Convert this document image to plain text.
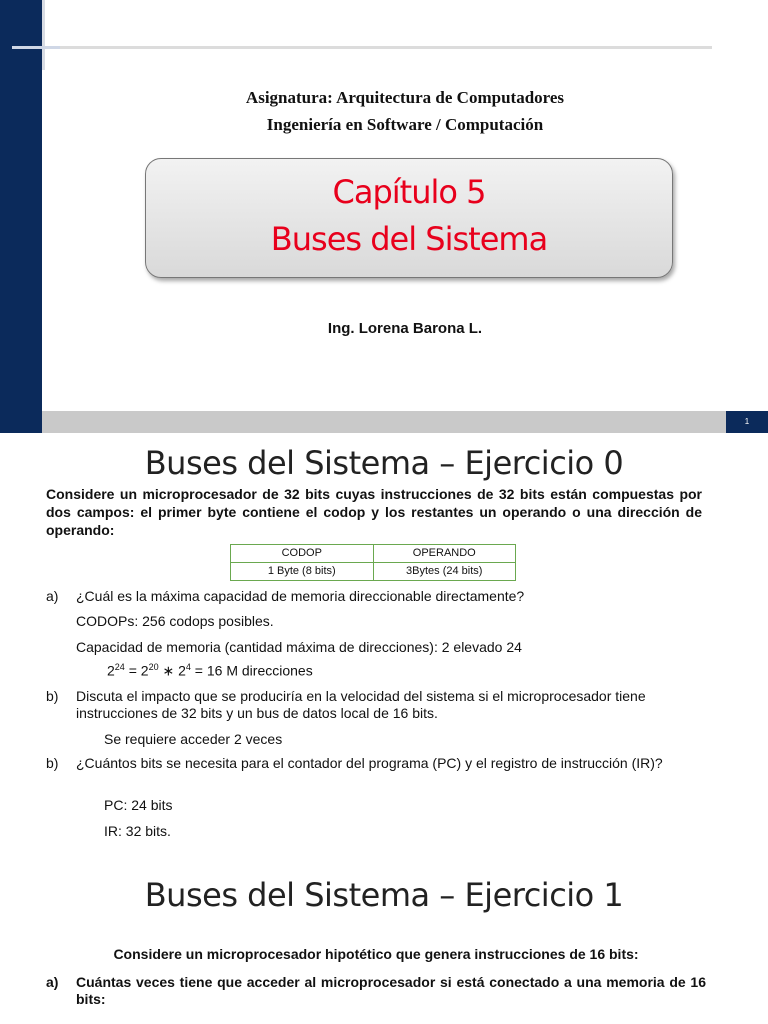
Asignatura: Arquitectura de Computadores
Ingeniería en Software / Computación
Capítulo 5
Buses del Sistema
Ing. Lorena Barona L.
1
Buses del Sistema – Ejercicio 0
Considere un microprocesador de 32 bits cuyas instrucciones de 32 bits están compuestas por dos campos: el primer byte contiene el codop y los restantes un operando o una dirección de operando:
CODOP	OPERANDO
1 Byte (8 bits)	3Bytes (24 bits)
a)	¿Cuál es la máxima capacidad de memoria direccionable directamente?
CODOPs: 256 codops posibles.
Capacidad de memoria (cantidad máxima de direcciones): 2 elevado 24
$2^{24} = 2^{20}$ ∗ $2^4 = 16$ M direcciones
b)	Discuta el impacto que se produciría en la velocidad del sistema si el microprocesador tiene instrucciones de 32 bits y un bus de datos local de 16 bits.
Se requiere acceder 2 veces
b)	¿Cuántos bits se necesita para el contador del programa (PC) y el registro de instrucción (IR)?
PC: 24 bits
IR: 32 bits.
Buses del Sistema – Ejercicio 1
Considere un microprocesador hipotético que genera instrucciones de 16 bits:
a)	Cuántas veces tiene que acceder al microprocesador si está conectado a una memoria de 16 bits:
